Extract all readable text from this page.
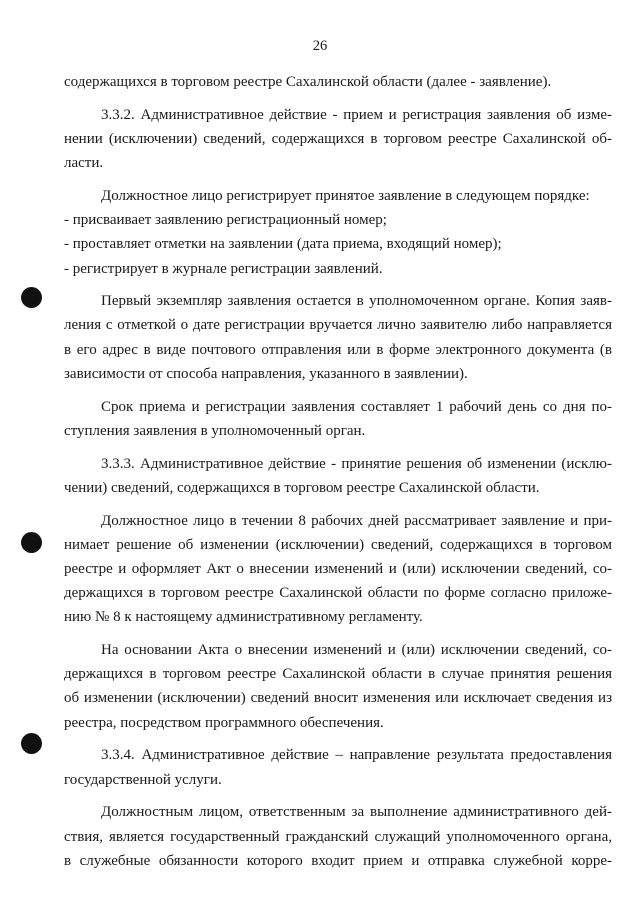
26
содержащихся в торговом реестре Сахалинской области (далее - заявление).
3.3.2. Административное действие - прием и регистрация заявления об изме-
нении (исключении) сведений, содержащихся в торговом реестре Сахалинской об-
ласти.
Должностное лицо регистрирует принятое заявление в следующем порядке:
- присваивает заявлению регистрационный номер;
- проставляет отметки на заявлении (дата приема, входящий номер);
- регистрирует в журнале регистрации заявлений.
Первый экземпляр заявления остается в уполномоченном органе. Копия заяв-
ления с отметкой о дате регистрации вручается лично заявителю либо направляется
в его адрес в виде почтового отправления или в форме электронного документа (в
зависимости от способа направления, указанного в заявлении).
Срок приема и регистрации заявления составляет 1 рабочий день со дня по-
ступления заявления в уполномоченный орган.
3.3.3. Административное действие - принятие решения об изменении (исклю-
чении) сведений, содержащихся в торговом реестре Сахалинской области.
Должностное лицо в течении 8 рабочих дней рассматривает заявление и при-
нимает решение об изменении (исключении) сведений, содержащихся в торговом
реестре и оформляет Акт о внесении изменений и (или) исключении сведений, со-
держащихся в торговом реестре Сахалинской области по форме согласно приложе-
нию № 8 к настоящему административному регламенту.
На основании Акта о внесении изменений и (или) исключении сведений, со-
держащихся в торговом реестре Сахалинской области в случае принятия решения
об изменении (исключении) сведений вносит изменения или исключает сведения из
реестра, посредством программного обеспечения.
3.3.4. Административное действие – направление результата предоставления
государственной услуги.
Должностным лицом, ответственным за выполнение административного дей-
ствия, является государственный гражданский служащий уполномоченного органа,
в служебные обязанности которого входит прием и отправка служебной корре-
